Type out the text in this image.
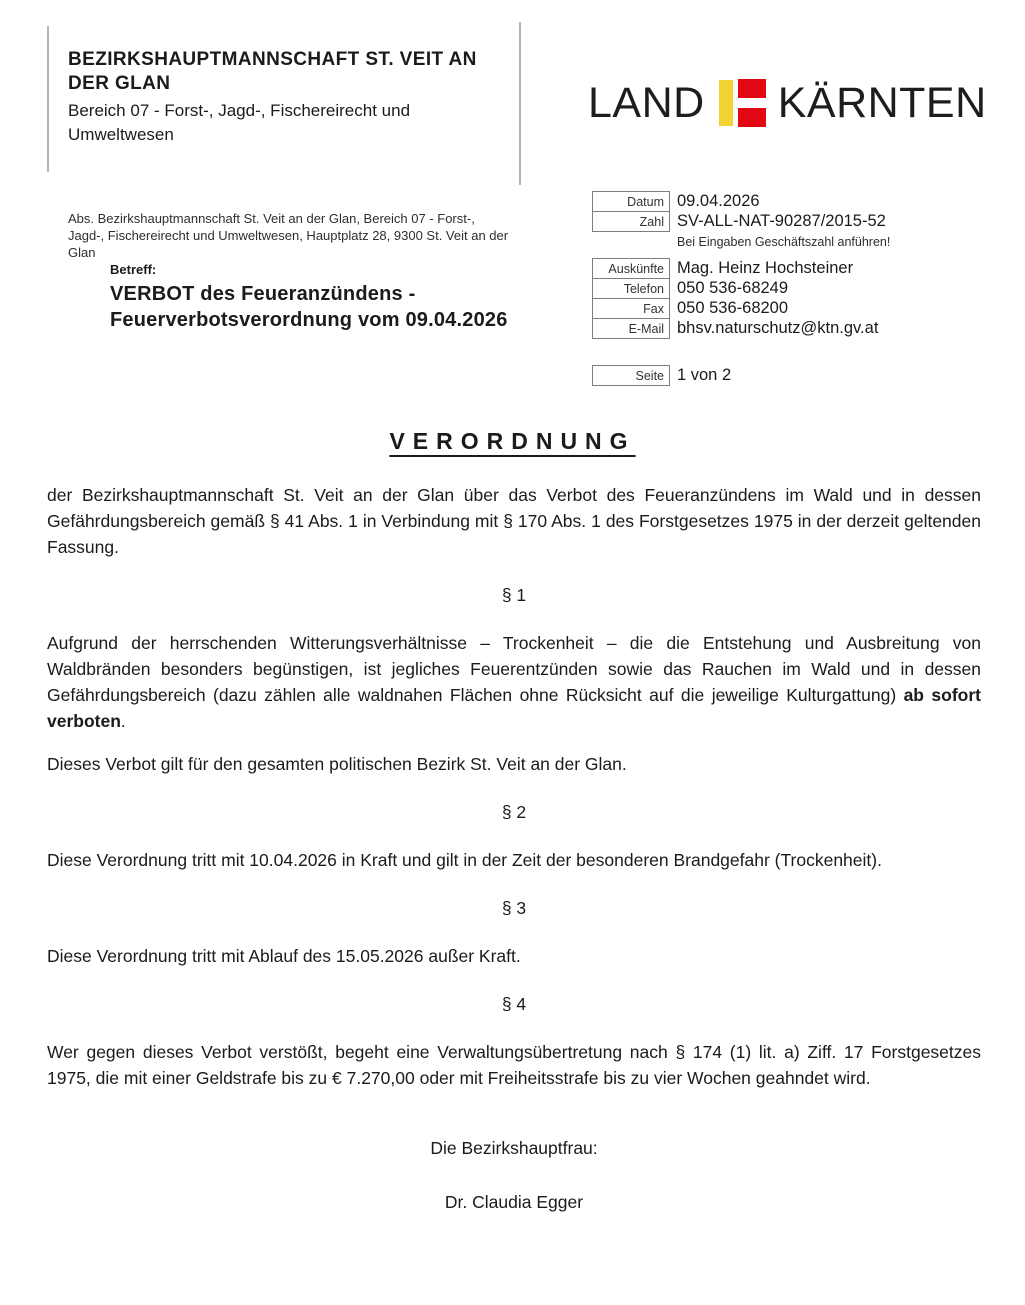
BEZIRKSHAUPTMANNSCHAFT ST. VEIT AN DER GLAN
Bereich 07 - Forst-, Jagd-, Fischereirecht und Umweltwesen
LAND KÄRNTEN
Abs. Bezirkshauptmannschaft St. Veit an der Glan, Bereich 07 - Forst-, Jagd-, Fischereirecht und Umweltwesen, Hauptplatz 28, 9300 St. Veit an der Glan
Betreff:
VERBOT des Feueranzündens - Feuerverbotsverordnung vom 09.04.2026
Datum 09.04.2026
Zahl SV-ALL-NAT-90287/2015-52
Bei Eingaben Geschäftszahl anführen!
Auskünfte Mag. Heinz Hochsteiner
Telefon 050 536-68249
Fax 050 536-68200
E-Mail bhsv.naturschutz@ktn.gv.at
Seite 1 von 2
VERORDNUNG

der Bezirkshauptmannschaft St. Veit an der Glan über das Verbot des Feueranzündens im Wald und in dessen Gefährdungsbereich gemäß § 41 Abs. 1 in Verbindung mit § 170 Abs. 1 des Forstgesetzes 1975 in der derzeit geltenden Fassung.

§ 1

Aufgrund der herrschenden Witterungsverhältnisse – Trockenheit – die die Entstehung und Ausbreitung von Waldbränden besonders begünstigen, ist jegliches Feuerentzünden sowie das Rauchen im Wald und in dessen Gefährdungsbereich (dazu zählen alle waldnahen Flächen ohne Rücksicht auf die jeweilige Kulturgattung) ab sofort verboten.

Dieses Verbot gilt für den gesamten politischen Bezirk St. Veit an der Glan.

§ 2

Diese Verordnung tritt mit 10.04.2026 in Kraft und gilt in der Zeit der besonderen Brandgefahr (Trockenheit).

§ 3

Diese Verordnung tritt mit Ablauf des 15.05.2026 außer Kraft.

§ 4

Wer gegen dieses Verbot verstößt, begeht eine Verwaltungsübertretung nach § 174 (1) lit. a) Ziff. 17 Forstgesetzes 1975, die mit einer Geldstrafe bis zu € 7.270,00 oder mit Freiheitsstrafe bis zu vier Wochen geahndet wird.

Die Bezirkshauptfrau:
Dr. Claudia Egger
